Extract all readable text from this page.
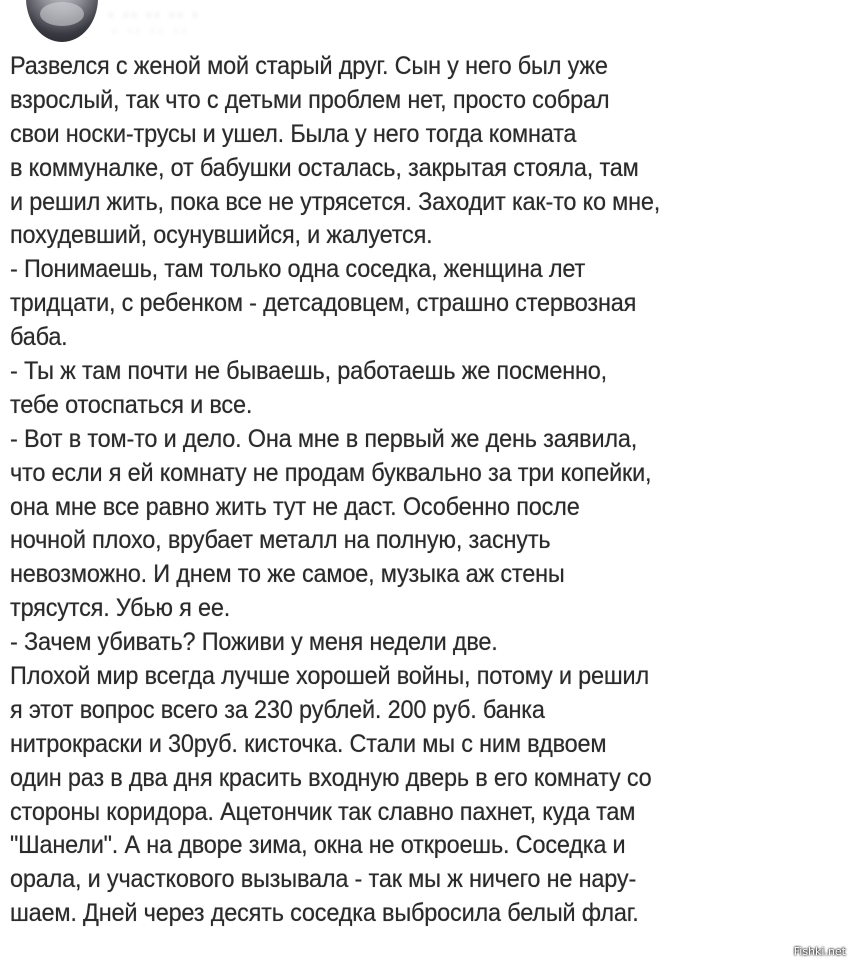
· ·· ·· ·· ·
· ·· ·· ··
Развелся с женой мой старый друг. Сын у него был уже
взрослый, так что с детьми проблем нет, просто собрал
свои носки-трусы и ушел. Была у него тогда комната
в коммуналке, от бабушки осталась, закрытая стояла, там
и решил жить, пока все не утрясется. Заходит как-то ко мне,
похудевший, осунувшийся, и жалуется.
- Понимаешь, там только одна соседка, женщина лет
тридцати, с ребенком - детсадовцем, страшно стервозная
баба.
- Ты ж там почти не бываешь, работаешь же посменно,
тебе отоспаться и все.
- Вот в том-то и дело. Она мне в первый же день заявила,
что если я ей комнату не продам буквально за три копейки,
она мне все равно жить тут не даст. Особенно после
ночной плохо, врубает металл на полную, заснуть
невозможно. И днем то же самое, музыка аж стены
трясутся. Убью я ее.
- Зачем убивать? Поживи у меня недели две.
Плохой мир всегда лучше хорошей войны, потому и решил
я этот вопрос всего за 230 рублей. 200 руб. банка
нитрокраски и 30руб. кисточка. Стали мы с ним вдвоем
один раз в два дня красить входную дверь в его комнату со
стороны коридора. Ацетончик так славно пахнет, куда там
"Шанели". А на дворе зима, окна не откроешь. Соседка и
орала, и участкового вызывала - так мы ж ничего не нару-
шаем. Дней через десять соседка выбросила белый флаг.
Fishki.net
